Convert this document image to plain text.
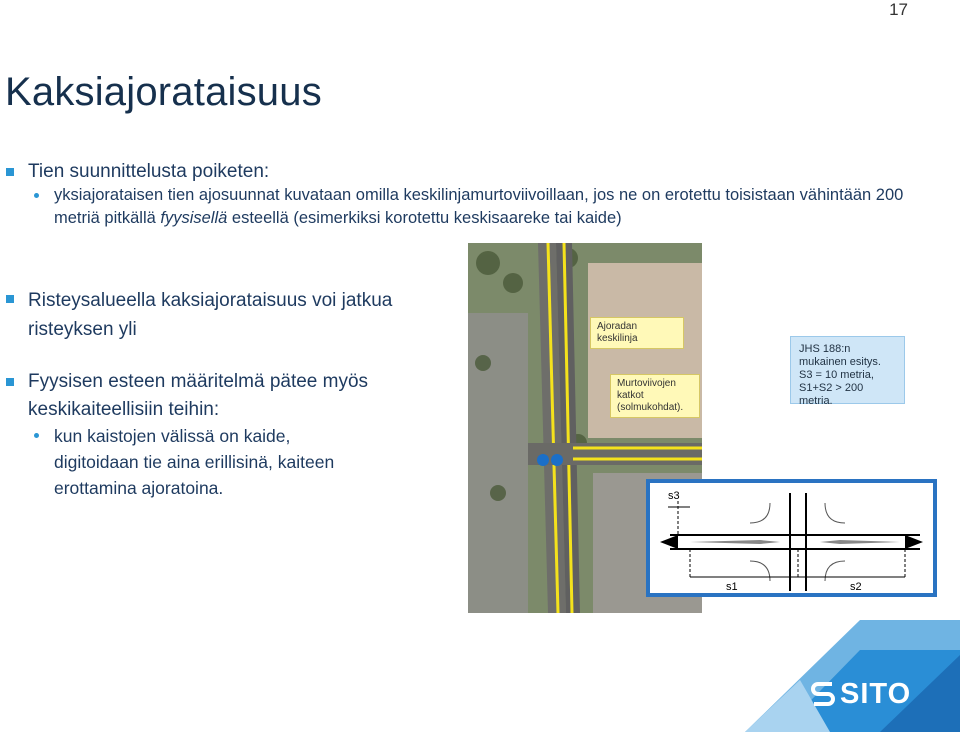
17
Kaksiajorataisuus
Tien suunnittelusta poiketen:
yksiajorataisen tien ajosuunnat kuvataan omilla keskilinjamurtoviivoillaan, jos ne on erotettu toisistaan vähintään 200 metriä pitkällä fyysisellä esteellä (esimerkiksi korotettu keskisaareke tai kaide)
Risteysalueella kaksiajorataisuus voi jatkua risteyksen yli
Fyysisen esteen määritelmä pätee myös keskikaiteellisiin teihin:
kun kaistojen välissä on kaide, digitoidaan tie aina erillisinä, kaiteen erottamina ajoratoina.
Ajoradan keskilinja
Murtoviivojen katkot (solmukohdat).
JHS 188:n mukainen esitys. S3 = 10 metria, S1+S2 > 200 metria.
s3
s1	s2
SITO
